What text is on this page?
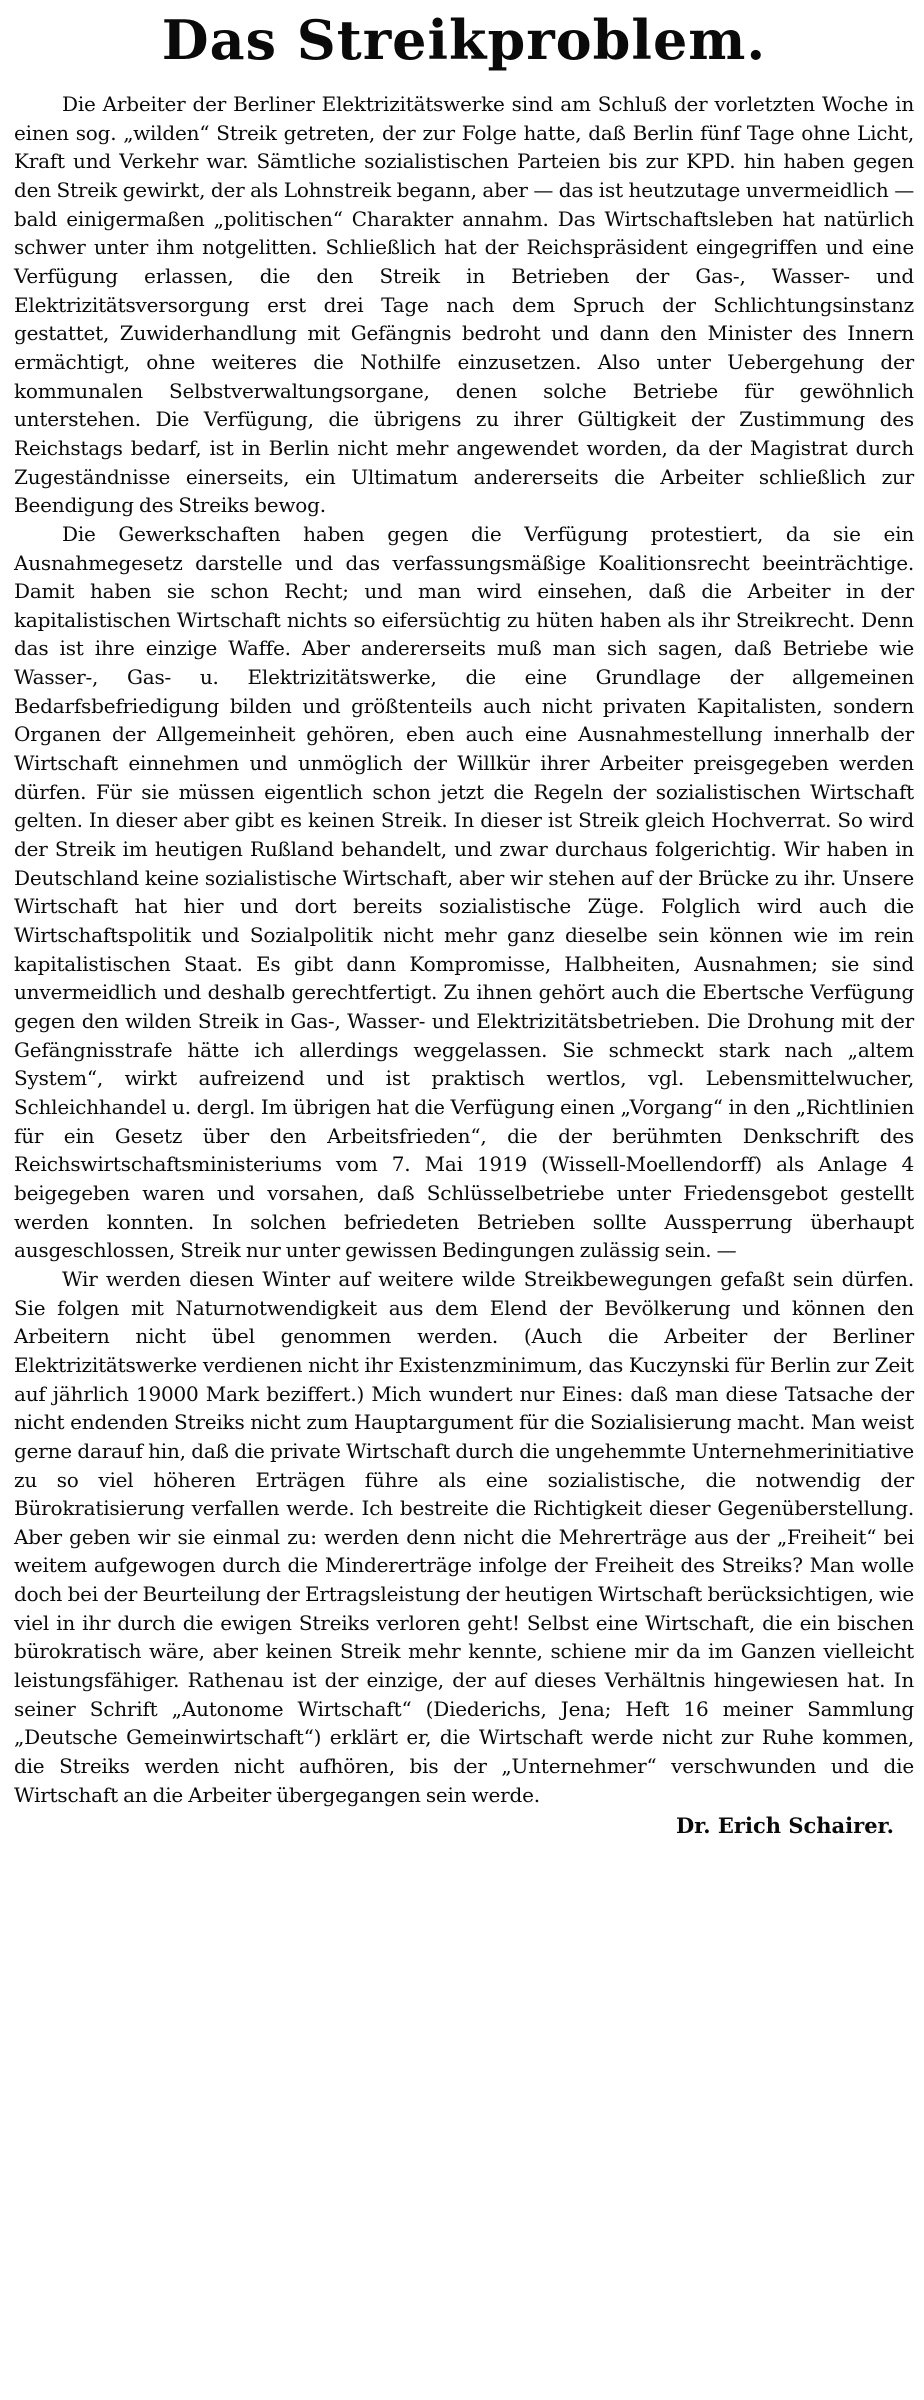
Das Streikproblem.

Die Arbeiter der Berliner Elektrizitätswerke sind am Schluß der vorletzten Woche in einen sog. „wilden“ Streik getreten, der zur Folge hatte, daß Berlin fünf Tage ohne Licht, Kraft und Verkehr war. Sämtliche sozialistischen Parteien bis zur KPD. hin haben gegen den Streik gewirkt, der als Lohnstreik begann, aber — das ist heutzutage unvermeidlich — bald einigermaßen „politischen“ Charakter annahm. Das Wirtschaftsleben hat natürlich schwer unter ihm notgelitten. Schließlich hat der Reichspräsident eingegriffen und eine Verfügung erlassen, die den Streik in Betrieben der Gas-, Wasser- und Elektrizitätsversorgung erst drei Tage nach dem Spruch der Schlichtungsinstanz gestattet, Zuwiderhandlung mit Gefängnis bedroht und dann den Minister des Innern ermächtigt, ohne weiteres die Nothilfe einzusetzen. Also unter Uebergehung der kommunalen Selbstverwaltungsorgane, denen solche Betriebe für gewöhnlich unterstehen. Die Verfügung, die übrigens zu ihrer Gültigkeit der Zustimmung des Reichstags bedarf, ist in Berlin nicht mehr angewendet worden, da der Magistrat durch Zugeständnisse einerseits, ein Ultimatum andererseits die Arbeiter schließlich zur Beendigung des Streiks bewog.

Die Gewerkschaften haben gegen die Verfügung protestiert, da sie ein Ausnahmegesetz darstelle und das verfassungsmäßige Koalitionsrecht beeinträchtige. Damit haben sie schon Recht; und man wird einsehen, daß die Arbeiter in der kapitalistischen Wirtschaft nichts so eifersüchtig zu hüten haben als ihr Streikrecht. Denn das ist ihre einzige Waffe. Aber andererseits muß man sich sagen, daß Betriebe wie Wasser-, Gas- u. Elektrizitätswerke, die eine Grundlage der allgemeinen Bedarfsbefriedigung bilden und größtenteils auch nicht privaten Kapitalisten, sondern Organen der Allgemeinheit gehören, eben auch eine Ausnahmestellung innerhalb der Wirtschaft einnehmen und unmöglich der Willkür ihrer Arbeiter preisgegeben werden dürfen. Für sie müssen eigentlich schon jetzt die Regeln der sozialistischen Wirtschaft gelten. In dieser aber gibt es keinen Streik. In dieser ist Streik gleich Hochverrat. So wird der Streik im heutigen Rußland behandelt, und zwar durchaus folgerichtig. Wir haben in Deutschland keine sozialistische Wirtschaft, aber wir stehen auf der Brücke zu ihr. Unsere Wirtschaft hat hier und dort bereits sozialistische Züge. Folglich wird auch die Wirtschaftspolitik und Sozialpolitik nicht mehr ganz dieselbe sein können wie im rein kapitalistischen Staat. Es gibt dann Kompromisse, Halbheiten, Ausnahmen; sie sind unvermeidlich und deshalb gerechtfertigt. Zu ihnen gehört auch die Ebertsche Verfügung gegen den wilden Streik in Gas-, Wasser- und Elektrizitätsbetrieben. Die Drohung mit der Gefängnisstrafe hätte ich allerdings weggelassen. Sie schmeckt stark nach „altem System“, wirkt aufreizend und ist praktisch wertlos, vgl. Lebensmittelwucher, Schleichhandel u. dergl. Im übrigen hat die Verfügung einen „Vorgang“ in den „Richtlinien für ein Gesetz über den Arbeitsfrieden“, die der berühmten Denkschrift des Reichswirtschaftsministeriums vom 7. Mai 1919 (Wissell-Moellendorff) als Anlage 4 beigegeben waren und vorsahen, daß Schlüsselbetriebe unter Friedensgebot gestellt werden konnten. In solchen befriedeten Betrieben sollte Aussperrung überhaupt ausgeschlossen, Streik nur unter gewissen Bedingungen zulässig sein. —

Wir werden diesen Winter auf weitere wilde Streikbewegungen gefaßt sein dürfen. Sie folgen mit Naturnotwendigkeit aus dem Elend der Bevölkerung und können den Arbeitern nicht übel genommen werden. (Auch die Arbeiter der Berliner Elektrizitätswerke verdienen nicht ihr Existenzminimum, das Kuczynski für Berlin zur Zeit auf jährlich 19000 Mark beziffert.) Mich wundert nur Eines: daß man diese Tatsache der nicht endenden Streiks nicht zum Hauptargument für die Sozialisierung macht. Man weist gerne darauf hin, daß die private Wirtschaft durch die ungehemmte Unternehmerinitiative zu so viel höheren Erträgen führe als eine sozialistische, die notwendig der Bürokratisierung verfallen werde. Ich bestreite die Richtigkeit dieser Gegenüberstellung. Aber geben wir sie einmal zu: werden denn nicht die Mehrerträge aus der „Freiheit“ bei weitem aufgewogen durch die Mindererträge infolge der Freiheit des Streiks? Man wolle doch bei der Beurteilung der Ertragsleistung der heutigen Wirtschaft berücksichtigen, wie viel in ihr durch die ewigen Streiks verloren geht! Selbst eine Wirtschaft, die ein bischen bürokratisch wäre, aber keinen Streik mehr kennte, schiene mir da im Ganzen vielleicht leistungsfähiger. Rathenau ist der einzige, der auf dieses Verhältnis hingewiesen hat. In seiner Schrift „Autonome Wirtschaft“ (Diederichs, Jena; Heft 16 meiner Sammlung „Deutsche Gemeinwirtschaft“) erklärt er, die Wirtschaft werde nicht zur Ruhe kommen, die Streiks werden nicht aufhören, bis der „Unternehmer“ verschwunden und die Wirtschaft an die Arbeiter übergegangen sein werde.

Dr. Erich Schairer.
